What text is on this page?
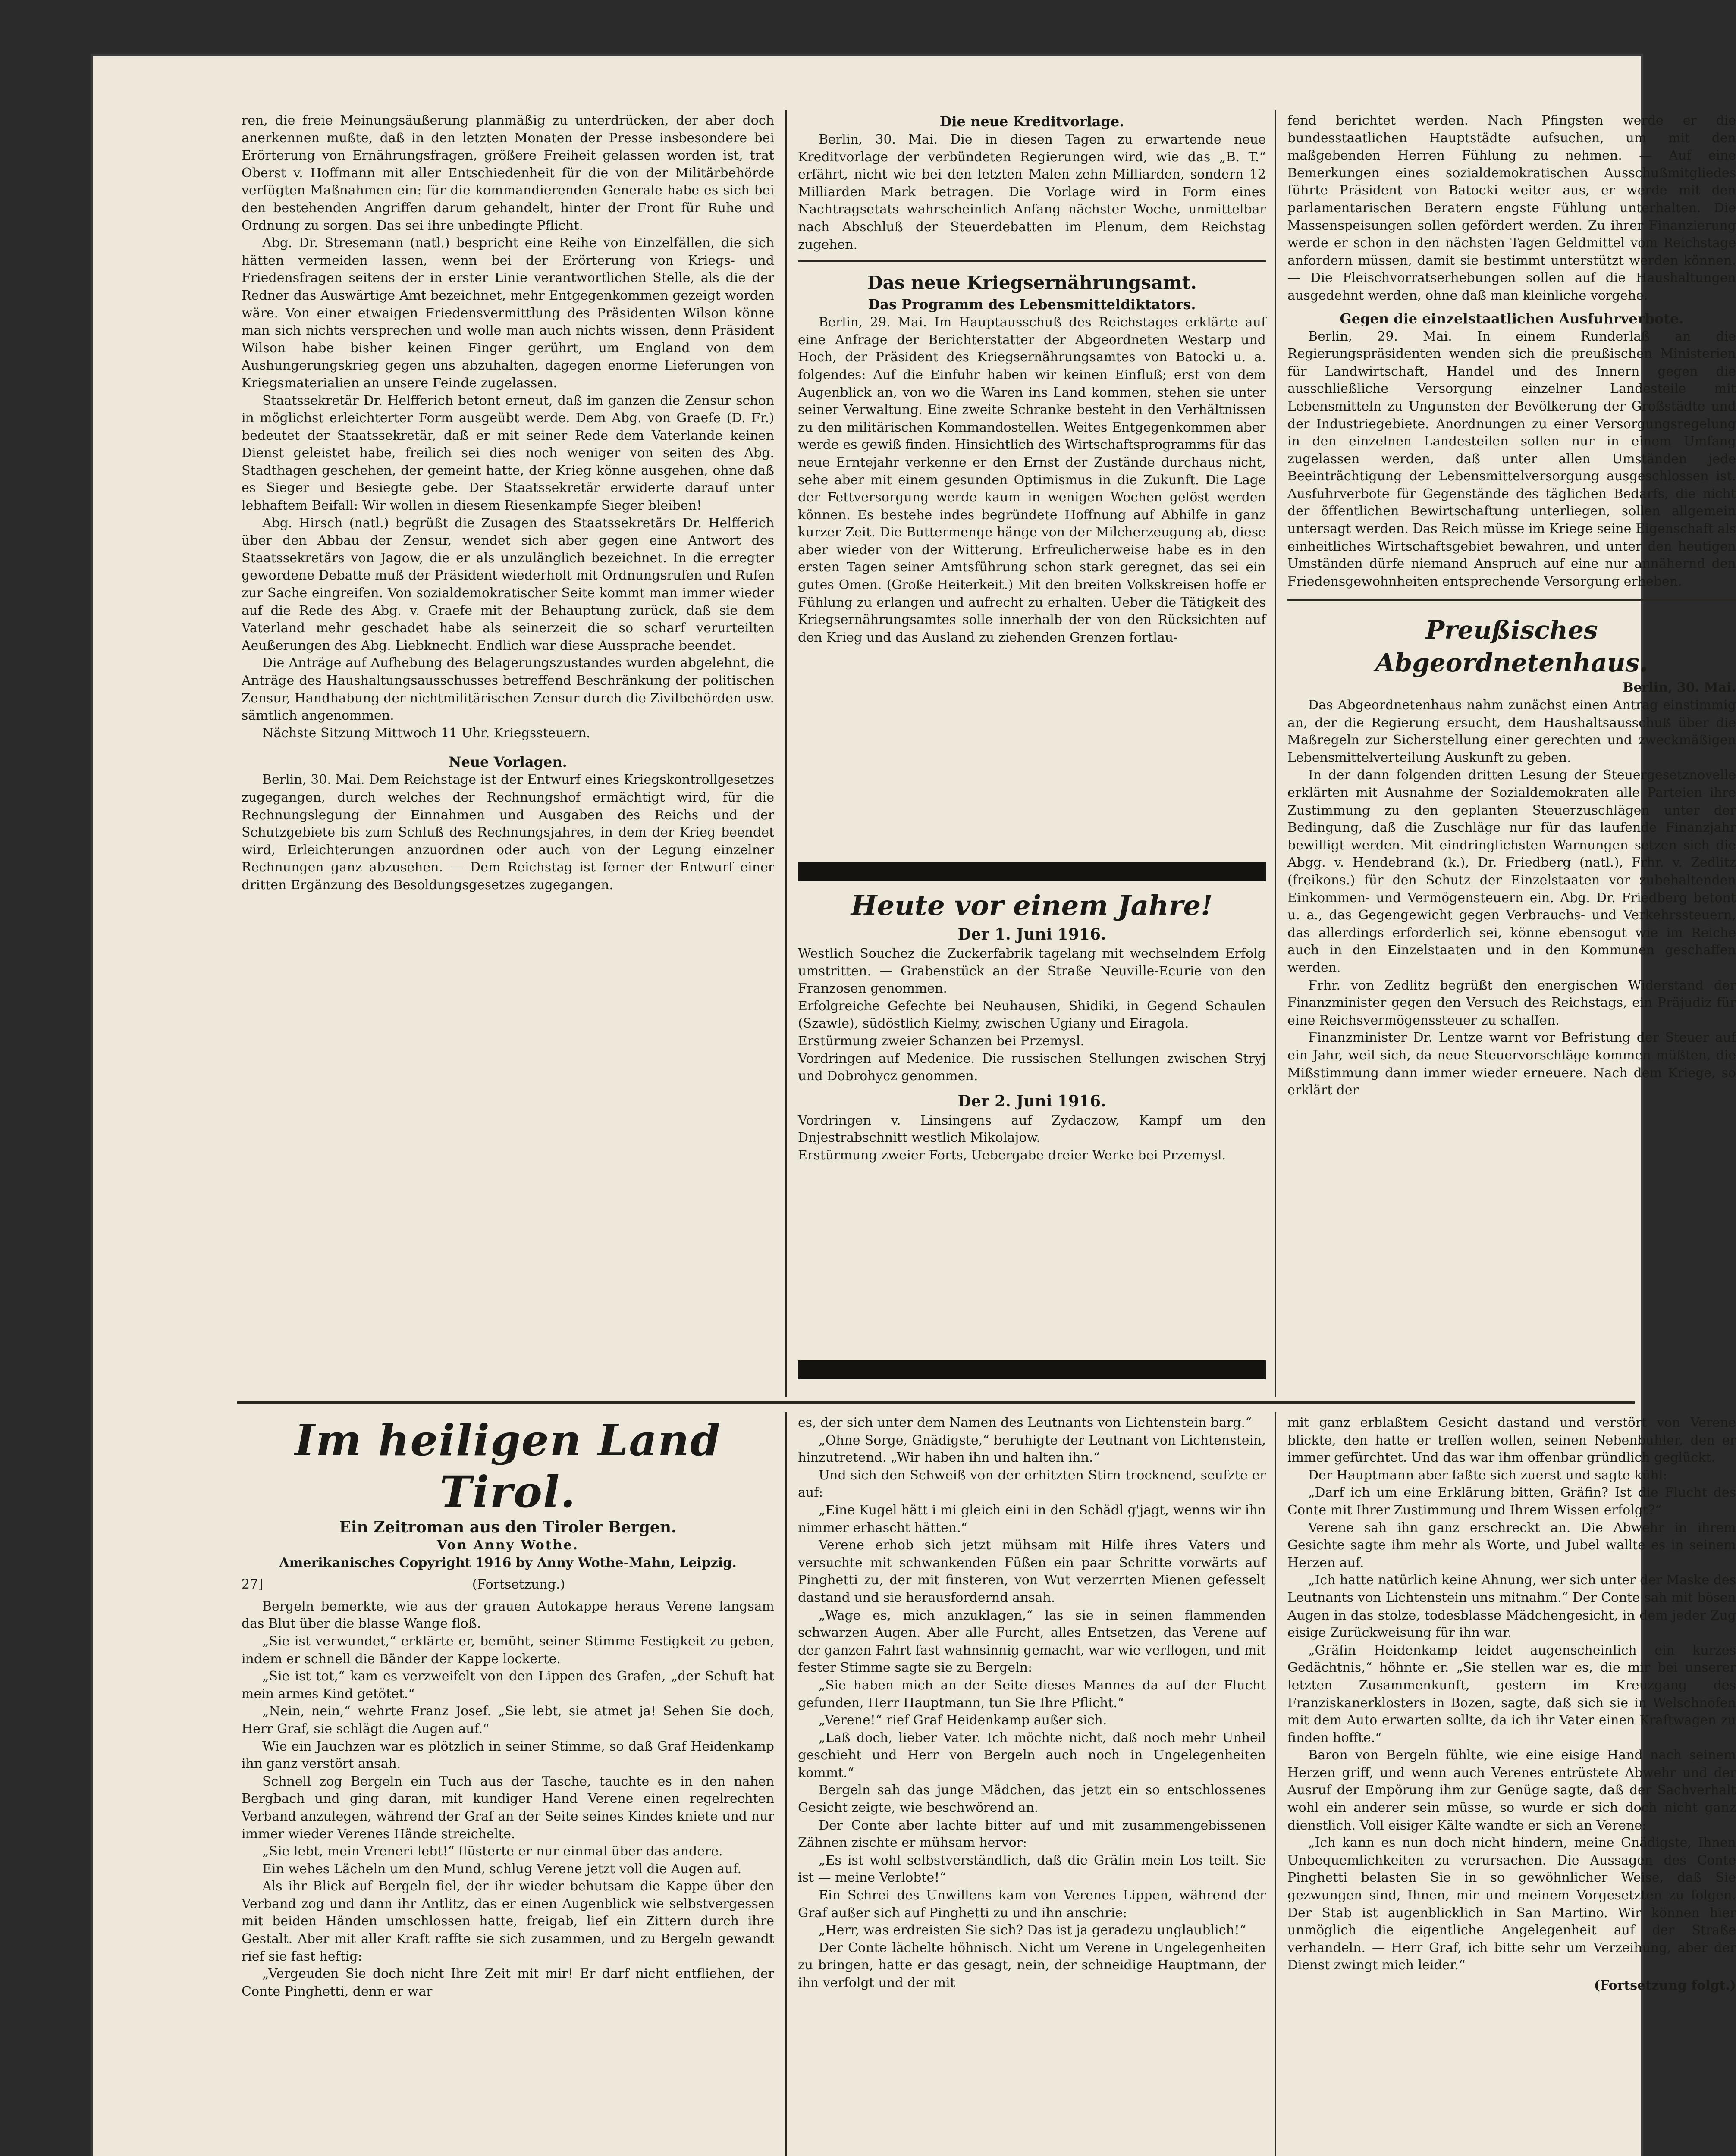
ren, die freie Meinungsäußerung planmäßig zu unterdrücken, der aber doch anerkennen mußte, daß in den letzten Monaten der Presse insbesondere bei Erörterung von Ernährungsfragen, größere Freiheit gelassen worden ist, trat Oberst v. Hoffmann mit aller Entschiedenheit für die von der Militärbehörde verfügten Maßnahmen ein: für die kommandierenden Generale habe es sich bei den bestehenden Angriffen darum gehandelt, hinter der Front für Ruhe und Ordnung zu sorgen. Das sei ihre unbedingte Pflicht.

Abg. Dr. Stresemann (natl.) bespricht eine Reihe von Einzelfällen, die sich hätten vermeiden lassen, wenn bei der Erörterung von Kriegs- und Friedensfragen seitens der in erster Linie verantwortlichen Stelle, als die der Redner das Auswärtige Amt bezeichnet, mehr Entgegenkommen gezeigt worden wäre. Von einer etwaigen Friedensvermittlung des Präsidenten Wilson könne man sich nichts versprechen und wolle man auch nichts wissen, denn Präsident Wilson habe bisher keinen Finger gerührt, um England von dem Aushungerungskrieg gegen uns abzuhalten, dagegen enorme Lieferungen von Kriegsmaterialien an unsere Feinde zugelassen.

Staatssekretär Dr. Helfferich betont erneut, daß im ganzen die Zensur schon in möglichst erleichterter Form ausgeübt werde. Dem Abg. von Graefe (D. Fr.) bedeutet der Staatssekretär, daß er mit seiner Rede dem Vaterlande keinen Dienst geleistet habe, freilich sei dies noch weniger von seiten des Abg. Stadthagen geschehen, der gemeint hatte, der Krieg könne ausgehen, ohne daß es Sieger und Besiegte gebe. Der Staatssekretär erwiderte darauf unter lebhaftem Beifall: Wir wollen in diesem Riesenkampfe Sieger bleiben!

Abg. Hirsch (natl.) begrüßt die Zusagen des Staatssekretärs Dr. Helfferich über den Abbau der Zensur, wendet sich aber gegen eine Antwort des Staatssekretärs von Jagow, die er als unzulänglich bezeichnet. In die erregter gewordene Debatte muß der Präsident wiederholt mit Ordnungsrufen und Rufen zur Sache eingreifen. Von sozialdemokratischer Seite kommt man immer wieder auf die Rede des Abg. v. Graefe mit der Behauptung zurück, daß sie dem Vaterland mehr geschadet habe als seinerzeit die so scharf verurteilten Aeußerungen des Abg. Liebknecht. Endlich war diese Aussprache beendet.

Die Anträge auf Aufhebung des Belagerungszustandes wurden abgelehnt, die Anträge des Haushaltungsausschusses betreffend Beschränkung der politischen Zensur, Handhabung der nichtmilitärischen Zensur durch die Zivilbehörden usw. sämtlich angenommen.

Nächste Sitzung Mittwoch 11 Uhr. Kriegssteuern.

Neue Vorlagen.

Berlin, 30. Mai. Dem Reichstage ist der Entwurf eines Kriegskontrollgesetzes zugegangen, durch welches der Rechnungshof ermächtigt wird, für die Rechnungslegung der Einnahmen und Ausgaben des Reichs und der Schutzgebiete bis zum Schluß des Rechnungsjahres, in dem der Krieg beendet wird, Erleichterungen anzuordnen oder auch von der Legung einzelner Rechnungen ganz abzusehen. — Dem Reichstag ist ferner der Entwurf einer dritten Ergänzung des Besoldungsgesetzes zugegangen.

Die neue Kreditvorlage.

Berlin, 30. Mai. Die in diesen Tagen zu erwartende neue Kreditvorlage der verbündeten Regierungen wird, wie das „B. T.“ erfährt, nicht wie bei den letzten Malen zehn Milliarden, sondern 12 Milliarden Mark betragen. Die Vorlage wird in Form eines Nachtragsetats wahrscheinlich Anfang nächster Woche, unmittelbar nach Abschluß der Steuerdebatten im Plenum, dem Reichstag zugehen.

Das neue Kriegsernährungsamt.
Das Programm des Lebensmitteldiktators.

Berlin, 29. Mai. Im Hauptausschuß des Reichstages erklärte auf eine Anfrage der Berichterstatter der Abgeordneten Westarp und Hoch, der Präsident des Kriegsernährungsamtes von Batocki u. a. folgendes: Auf die Einfuhr haben wir keinen Einfluß; erst von dem Augenblick an, von wo die Waren ins Land kommen, stehen sie unter seiner Verwaltung. Eine zweite Schranke besteht in den Verhältnissen zu den militärischen Kommandostellen. Weites Entgegenkommen aber werde es gewiß finden. Hinsichtlich des Wirtschaftsprogramms für das neue Erntejahr verkenne er den Ernst der Zustände durchaus nicht, sehe aber mit einem gesunden Optimismus in die Zukunft. Die Lage der Fettversorgung werde kaum in wenigen Wochen gelöst werden können. Es bestehe indes begründete Hoffnung auf Abhilfe in ganz kurzer Zeit. Die Buttermenge hänge von der Milcherzeugung ab, diese aber wieder von der Witterung. Erfreulicherweise habe es in den ersten Tagen seiner Amtsführung schon stark geregnet, das sei ein gutes Omen. (Große Heiterkeit.) Mit den breiten Volkskreisen hoffe er Fühlung zu erlangen und aufrecht zu erhalten. Ueber die Tätigkeit des Kriegsernährungsamtes solle innerhalb der von den Rücksichten auf den Krieg und das Ausland zu ziehenden Grenzen fortlau-

Heute vor einem Jahre!
Der 1. Juni 1916.

Westlich Souchez die Zuckerfabrik tagelang mit wechselndem Erfolg umstritten. — Grabenstück an der Straße Neuville-Ecurie von den Franzosen genommen.

Erfolgreiche Gefechte bei Neuhausen, Shidiki, in Gegend Schaulen (Szawle), südöstlich Kielmy, zwischen Ugiany und Eiragola.

Erstürmung zweier Schanzen bei Przemysl.

Vordringen auf Medenice. Die russischen Stellungen zwischen Stryj und Dobrohycz genommen.

Der 2. Juni 1916.

Vordringen v. Linsingens auf Zydaczow, Kampf um den Dnjestrabschnitt westlich Mikolajow.

Erstürmung zweier Forts, Uebergabe dreier Werke bei Przemysl.

fend berichtet werden. Nach Pfingsten werde er die bundesstaatlichen Hauptstädte aufsuchen, um mit den maßgebenden Herren Fühlung zu nehmen. — Auf eine Bemerkungen eines sozialdemokratischen Ausschußmitgliedes führte Präsident von Batocki weiter aus, er werde mit den parlamentarischen Beratern engste Fühlung unterhalten. Die Massenspeisungen sollen gefördert werden. Zu ihrer Finanzierung werde er schon in den nächsten Tagen Geldmittel vom Reichstage anfordern müssen, damit sie bestimmt unterstützt werden können. — Die Fleischvorratserhebungen sollen auf die Haushaltungen ausgedehnt werden, ohne daß man kleinliche vorgehe.

Gegen die einzelstaatlichen Ausfuhrverbote.

Berlin, 29. Mai. In einem Runderlaß an die Regierungspräsidenten wenden sich die preußischen Ministerien für Landwirtschaft, Handel und des Innern gegen die ausschließliche Versorgung einzelner Landesteile mit Lebensmitteln zu Ungunsten der Bevölkerung der Großstädte und der Industriegebiete. Anordnungen zu einer Versorgungsregelung in den einzelnen Landesteilen sollen nur in einem Umfang zugelassen werden, daß unter allen Umständen jede Beeinträchtigung der Lebensmittelversorgung ausgeschlossen ist. Ausfuhrverbote für Gegenstände des täglichen Bedarfs, die nicht der öffentlichen Bewirtschaftung unterliegen, sollen allgemein untersagt werden. Das Reich müsse im Kriege seine Eigenschaft als einheitliches Wirtschaftsgebiet bewahren, und unter den heutigen Umständen dürfe niemand Anspruch auf eine nur annähernd den Friedensgewohnheiten entsprechende Versorgung erheben.

Preußisches Abgeordnetenhaus.
Berlin, 30. Mai.

Das Abgeordnetenhaus nahm zunächst einen Antrag einstimmig an, der die Regierung ersucht, dem Haushaltsausschuß über die Maßregeln zur Sicherstellung einer gerechten und zweckmäßigen Lebensmittelverteilung Auskunft zu geben.

In der dann folgenden dritten Lesung der Steuergesetznovelle erklärten mit Ausnahme der Sozialdemokraten alle Parteien ihre Zustimmung zu den geplanten Steuerzuschlägen unter der Bedingung, daß die Zuschläge nur für das laufende Finanzjahr bewilligt werden. Mit eindringlichsten Warnungen setzen sich die Abgg. v. Hendebrand (k.), Dr. Friedberg (natl.), Frhr. v. Zedlitz (freikons.) für den Schutz der Einzelstaaten vor zubehaltenden Einkommen- und Vermögensteuern ein. Abg. Dr. Friedberg betont u. a., das Gegengewicht gegen Verbrauchs- und Verkehrssteuern, das allerdings erforderlich sei, könne ebensogut wie im Reiche auch in den Einzelstaaten und in den Kommunen geschaffen werden.

Frhr. von Zedlitz begrüßt den energischen Widerstand der Finanzminister gegen den Versuch des Reichstags, ein Präjudiz für eine Reichsvermögenssteuer zu schaffen.

Finanzminister Dr. Lentze warnt vor Befristung der Steuer auf ein Jahr, weil sich, da neue Steuervorschläge kommen müßten, die Mißstimmung dann immer wieder erneuere. Nach dem Kriege, so erklärt der

Im heiligen Land Tirol.
Ein Zeitroman aus den Tiroler Bergen.
Von Anny Wothe.
Amerikanisches Copyright 1916 by Anny Wothe-Mahn, Leipzig.
27]	(Fortsetzung.)

Bergeln bemerkte, wie aus der grauen Autokappe heraus Verene langsam das Blut über die blasse Wange floß.

„Sie ist verwundet,“ erklärte er, bemüht, seiner Stimme Festigkeit zu geben, indem er schnell die Bänder der Kappe lockerte.

„Sie ist tot,“ kam es verzweifelt von den Lippen des Grafen, „der Schuft hat mein armes Kind getötet.“

„Nein, nein,“ wehrte Franz Josef. „Sie lebt, sie atmet ja! Sehen Sie doch, Herr Graf, sie schlägt die Augen auf.“

Wie ein Jauchzen war es plötzlich in seiner Stimme, so daß Graf Heidenkamp ihn ganz verstört ansah.

Schnell zog Bergeln ein Tuch aus der Tasche, tauchte es in den nahen Bergbach und ging daran, mit kundiger Hand Verene einen regelrechten Verband anzulegen, während der Graf an der Seite seines Kindes kniete und nur immer wieder Verenes Hände streichelte.

„Sie lebt, mein Vreneri lebt!“ flüsterte er nur einmal über das andere.

Ein wehes Lächeln um den Mund, schlug Verene jetzt voll die Augen auf.

Als ihr Blick auf Bergeln fiel, der ihr wieder behutsam die Kappe über den Verband zog und dann ihr Antlitz, das er einen Augenblick wie selbstvergessen mit beiden Händen umschlossen hatte, freigab, lief ein Zittern durch ihre Gestalt. Aber mit aller Kraft raffte sie sich zusammen, und zu Bergeln gewandt rief sie fast heftig:

„Vergeuden Sie doch nicht Ihre Zeit mit mir! Er darf nicht entfliehen, der Conte Pinghetti, denn er war

es, der sich unter dem Namen des Leutnants von Lichtenstein barg.“

„Ohne Sorge, Gnädigste,“ beruhigte der Leutnant von Lichtenstein, hinzutretend. „Wir haben ihn und halten ihn.“

Und sich den Schweiß von der erhitzten Stirn trocknend, seufzte er auf:

„Eine Kugel hätt i mi gleich eini in den Schädl g'jagt, wenns wir ihn nimmer erhascht hätten.“

Verene erhob sich jetzt mühsam mit Hilfe ihres Vaters und versuchte mit schwankenden Füßen ein paar Schritte vorwärts auf Pinghetti zu, der mit finsteren, von Wut verzerrten Mienen gefesselt dastand und sie herausfordernd ansah.

„Wage es, mich anzuklagen,“ las sie in seinen flammenden schwarzen Augen. Aber alle Furcht, alles Entsetzen, das Verene auf der ganzen Fahrt fast wahnsinnig gemacht, war wie verflogen, und mit fester Stimme sagte sie zu Bergeln:

„Sie haben mich an der Seite dieses Mannes da auf der Flucht gefunden, Herr Hauptmann, tun Sie Ihre Pflicht.“

„Verene!“ rief Graf Heidenkamp außer sich.

„Laß doch, lieber Vater. Ich möchte nicht, daß noch mehr Unheil geschieht und Herr von Bergeln auch noch in Ungelegenheiten kommt.“

Bergeln sah das junge Mädchen, das jetzt ein so entschlossenes Gesicht zeigte, wie beschwörend an.

Der Conte aber lachte bitter auf und mit zusammengebissenen Zähnen zischte er mühsam hervor:

„Es ist wohl selbstverständlich, daß die Gräfin mein Los teilt. Sie ist — meine Verlobte!“

Ein Schrei des Unwillens kam von Verenes Lippen, während der Graf außer sich auf Pinghetti zu und ihn anschrie:

„Herr, was erdreisten Sie sich? Das ist ja geradezu unglaublich!“

Der Conte lächelte höhnisch. Nicht um Verene in Ungelegenheiten zu bringen, hatte er das gesagt, nein, der schneidige Hauptmann, der ihn verfolgt und der mit

mit ganz erblaßtem Gesicht dastand und verstört von Verene blickte, den hatte er treffen wollen, seinen Nebenbuhler, den er immer gefürchtet. Und das war ihm offenbar gründlich geglückt.

Der Hauptmann aber faßte sich zuerst und sagte kühl:

„Darf ich um eine Erklärung bitten, Gräfin? Ist die Flucht des Conte mit Ihrer Zustimmung und Ihrem Wissen erfolgt?“

Verene sah ihn ganz erschreckt an. Die Abwehr in ihrem Gesichte sagte ihm mehr als Worte, und Jubel wallte es in seinem Herzen auf.

„Ich hatte natürlich keine Ahnung, wer sich unter der Maske des Leutnants von Lichtenstein uns mitnahm.“ Der Conte sah mit bösen Augen in das stolze, todesblasse Mädchengesicht, in dem jeder Zug eisige Zurückweisung für ihn war.

„Gräfin Heidenkamp leidet augenscheinlich ein kurzes Gedächtnis,“ höhnte er. „Sie stellen war es, die mir bei unserer letzten Zusammenkunft, gestern im Kreuzgang des Franziskanerklosters in Bozen, sagte, daß sich sie in Welschnofen mit dem Auto erwarten sollte, da ich ihr Vater einen Kraftwagen zu finden hoffte.“

Baron von Bergeln fühlte, wie eine eisige Hand nach seinem Herzen griff, und wenn auch Verenes entrüstete Abwehr und der Ausruf der Empörung ihm zur Genüge sagte, daß der Sachverhalt wohl ein anderer sein müsse, so wurde er sich doch nicht ganz dienstlich. Voll eisiger Kälte wandte er sich an Verene:

„Ich kann es nun doch nicht hindern, meine Gnädigste, Ihnen Unbequemlichkeiten zu verursachen. Die Aussagen des Conte Pinghetti belasten Sie in so gewöhnlicher Weise, daß Sie gezwungen sind, Ihnen, mir und meinem Vorgesetzten zu folgen. Der Stab ist augenblicklich in San Martino. Wir können hier unmöglich die eigentliche Angelegenheit auf der Straße verhandeln. — Herr Graf, ich bitte sehr um Verzeihung, aber der Dienst zwingt mich leider.“

(Fortsetzung folgt.)
